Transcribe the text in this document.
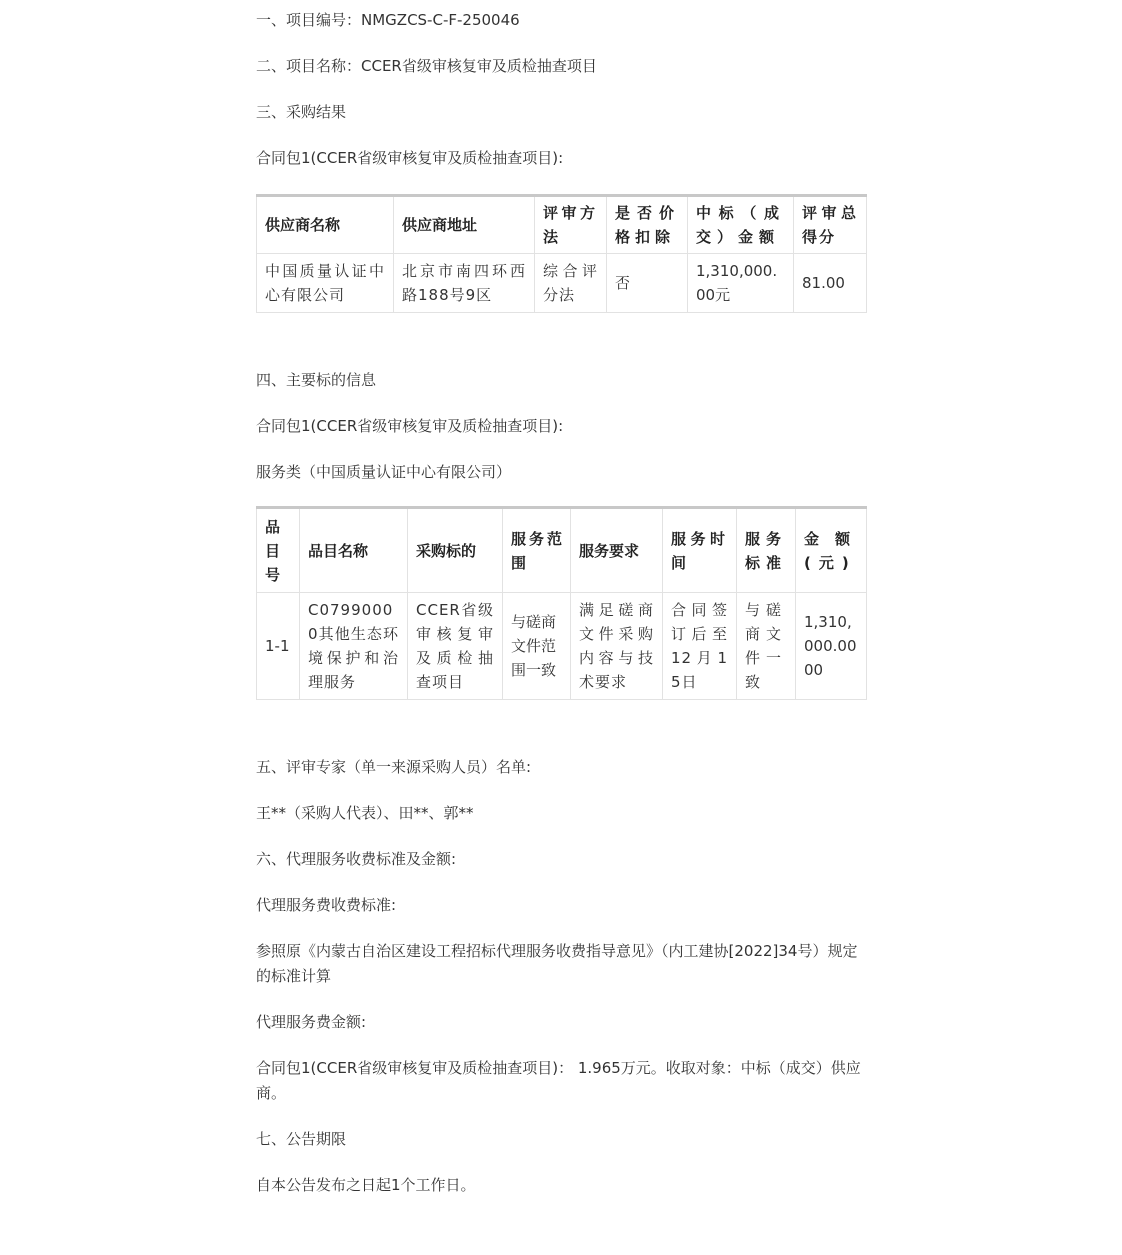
一、项目编号：NMGZCS-C-F-250046
二、项目名称：CCER省级审核复审及质检抽查项目
三、采购结果
合同包1(CCER省级审核复审及质检抽查项目):
供应商名称	供应商地址	评审方法	是否价格扣除	中标（成交）金额	评审总得分
中国质量认证中心有限公司	北京市南四环西路188号9区	综合评分法	否	1,310,000.00元	81.00
四、主要标的信息
合同包1(CCER省级审核复审及质检抽查项目):
服务类（中国质量认证中心有限公司）
品目号	品目名称	采购标的	服务范围	服务要求	服务时间	服务标准	金额(元)
1-1	C07990000其他生态环境保护和治理服务	CCER省级审核复审及质检抽查项目	与磋商文件范围一致	满足磋商文件采购内容与技术要求	合同签订后至12月15日	与磋商文件一致	1,310,000.0000
五、评审专家（单一来源采购人员）名单:
王**（采购人代表）、田**、郭**
六、代理服务收费标准及金额:
代理服务费收费标准:
参照原《内蒙古自治区建设工程招标代理服务收费指导意见》（内工建协[2022]34号）规定的标准计算
代理服务费金额:
合同包1(CCER省级审核复审及质检抽查项目)： 1.965万元。收取对象：中标（成交）供应商。
七、公告期限
自本公告发布之日起1个工作日。
